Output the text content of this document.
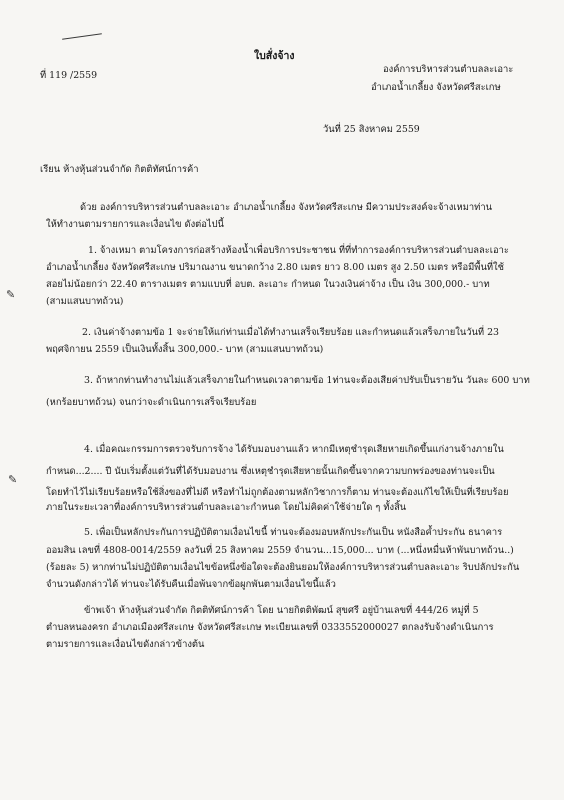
✎
✎
ใบสั่งจ้าง
ที่ 119 /2559
องค์การบริหารส่วนตำบลละเอาะ
อำเภอน้ำเกลี้ยง จังหวัดศรีสะเกษ
วันที่ 25 สิงหาคม 2559
เรียน ห้างหุ้นส่วนจำกัด กิตติทัศน์การค้า
ด้วย องค์การบริหารส่วนตำบลละเอาะ อำเภอน้ำเกลี้ยง จังหวัดศรีสะเกษ มีความประสงค์จะจ้างเหมาท่าน
ให้ทำงานตามรายการและเงื่อนไข ดังต่อไปนี้
1. จ้างเหมา ตามโครงการก่อสร้างห้องน้ำเพื่อบริการประชาชน ที่ที่ทำการองค์การบริหารส่วนตำบลละเอาะ
อำเภอน้ำเกลี้ยง จังหวัดศรีสะเกษ ปริมาณงาน ขนาดกว้าง 2.80 เมตร ยาว 8.00 เมตร สูง 2.50 เมตร หรือมีพื้นที่ใช้
สอยไม่น้อยกว่า 22.40 ตารางเมตร ตามแบบที่ อบต. ละเอาะ กำหนด ในวงเงินค่าจ้าง เป็น เงิน 300,000.- บาท
(สามแสนบาทถ้วน)
2. เงินค่าจ้างตามข้อ 1 จะจ่ายให้แก่ท่านเมื่อได้ทำงานเสร็จเรียบร้อย และกำหนดแล้วเสร็จภายในวันที่ 23
พฤศจิกายน 2559 เป็นเงินทั้งสิ้น 300,000.- บาท (สามแสนบาทถ้วน)
3. ถ้าหากท่านทำงานไม่แล้วเสร็จภายในกำหนดเวลาตามข้อ 1ท่านจะต้องเสียค่าปรับเป็นรายวัน วันละ 600 บาท
(หกร้อยบาทถ้วน) จนกว่าจะดำเนินการเสร็จเรียบร้อย
4. เมื่อคณะกรรมการตรวจรับการจ้าง ได้รับมอบงานแล้ว หากมีเหตุชำรุดเสียหายเกิดขึ้นแก่งานจ้างภายใน
กำหนด...2.... ปี นับเริ่มตั้งแต่วันที่ได้รับมอบงาน ซึ่งเหตุชำรุดเสียหายนั้นเกิดขึ้นจากความบกพร่องของท่านจะเป็น
โดยทำไว้ไม่เรียบร้อยหรือใช้สิ่งของที่ไม่ดี หรือทำไม่ถูกต้องตามหลักวิชาการก็ตาม ท่านจะต้องแก้ไขให้เป็นที่เรียบร้อย
ภายในระยะเวลาที่องค์การบริหารส่วนตำบลละเอาะกำหนด โดยไม่คิดค่าใช้จ่ายใด ๆ ทั้งสิ้น
5. เพื่อเป็นหลักประกันการปฏิบัติตามเงื่อนไขนี้ ท่านจะต้องมอบหลักประกันเป็น หนังสือค้ำประกัน ธนาคาร
ออมสิน เลขที่ 4808-0014/2559 ลงวันที่ 25 สิงหาคม 2559 จำนวน...15,000... บาท (...หนึ่งหมื่นห้าพันบาทถ้วน..)
(ร้อยละ 5) หากท่านไม่ปฏิบัติตามเงื่อนไขข้อหนึ่งข้อใดจะต้องยินยอมให้องค์การบริหารส่วนตำบลละเอาะ ริบปลักประกัน
จำนวนดังกล่าวได้ ท่านจะได้รับคืนเมื่อพ้นจากข้อผูกพันตามเงื่อนไขนี้แล้ว
ข้าพเจ้า ห้างหุ้นส่วนจำกัด กิตติทัศน์การค้า โดย นายกิตติพัฒน์ สุขศรี อยู่บ้านเลขที่ 444/26 หมู่ที่ 5
ตำบลหนองครก อำเภอเมืองศรีสะเกษ จังหวัดศรีสะเกษ ทะเบียนเลขที่ 0333552000027 ตกลงรับจ้างดำเนินการ
ตามรายการและเงื่อนไขดังกล่าวข้างต้น
